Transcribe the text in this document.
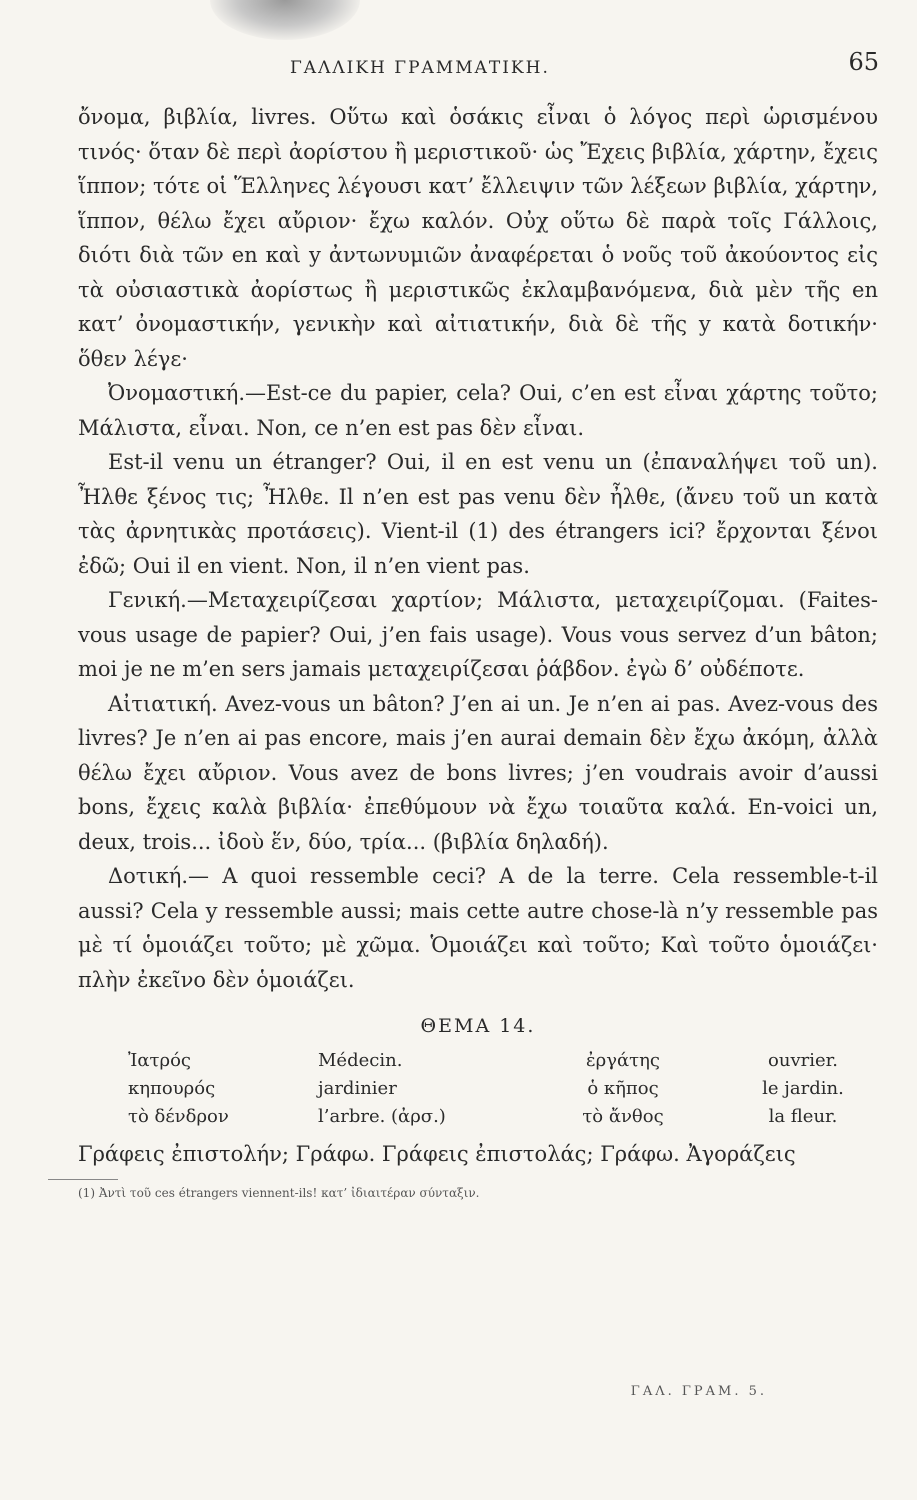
ΓΑΛΛΙΚΗ ΓΡΑΜΜΑΤΙΚΗ.	65

ὄνομα, βιβλία, livres. Οὕτω καὶ ὁσάκις εἶναι ὁ λόγος περὶ ὡρισμένου τινός· ὅταν δὲ περὶ ἀορίστου ἢ μεριστικοῦ· ὡς Ἔχεις βιβλία, χάρτην, ἔχεις ἵππον; τότε οἱ Ἕλληνες λέγουσι κατ’ ἔλλειψιν τῶν λέξεων βιβλία, χάρτην, ἵππον, θέλω ἔχει αὔριον· ἔχω καλόν. Οὐχ οὕτω δὲ παρὰ τοῖς Γάλλοις, διότι διὰ τῶν en καὶ y ἀντωνυμιῶν ἀναφέρεται ὁ νοῦς τοῦ ἀκούοντος εἰς τὰ οὐσιαστικὰ ἀορίστως ἢ μεριστικῶς ἐκλαμβανόμενα, διὰ μὲν τῆς en κατ’ ὀνομαστικήν, γενικὴν καὶ αἰτιατικήν, διὰ δὲ τῆς y κατὰ δοτικήν· ὅθεν λέγε·

Ὀνομαστική.—Est-ce du papier, cela? Oui, c’en est εἶναι χάρτης τοῦτο; Μάλιστα, εἶναι. Non, ce n’en est pas δὲν εἶναι.

Est-il venu un étranger? Oui, il en est venu un (ἐπαναλήψει τοῦ un). Ἦλθε ξένος τις; Ἦλθε. Il n’en est pas venu δὲν ἦλθε, (ἄνευ τοῦ un κατὰ τὰς ἀρνητικὰς προτάσεις). Vient-il (1) des étrangers ici? ἔρχονται ξένοι ἐδῶ; Oui il en vient. Non, il n’en vient pas.

Γενική.—Μεταχειρίζεσαι χαρτίον; Μάλιστα, μεταχειρίζομαι. (Faites-vous usage de papier? Oui, j’en fais usage). Vous vous servez d’un bâton; moi je ne m’en sers jamais μεταχειρίζεσαι ῥάβδον. ἐγὼ δ’ οὐδέποτε.

Αἰτιατική. Avez-vous un bâton? J’en ai un. Je n’en ai pas. Avez-vous des livres? Je n’en ai pas encore, mais j’en aurai demain δὲν ἔχω ἀκόμη, ἀλλὰ θέλω ἔχει αὔριον. Vous avez de bons livres; j’en voudrais avoir d’aussi bons, ἔχεις καλὰ βιβλία· ἐπεθύμουν νὰ ἔχω τοιαῦτα καλά. En-voici un, deux, trois... ἰδοὺ ἕν, δύο, τρία... (βιβλία δηλαδή).

Δοτική.— A quoi ressemble ceci? A de la terre. Cela ressemble-t-il aussi? Cela y ressemble aussi; mais cette autre chose-là n’y ressemble pas μὲ τί ὁμοιάζει τοῦτο; μὲ χῶμα. Ὁμοιάζει καὶ τοῦτο; Καὶ τοῦτο ὁμοιάζει· πλὴν ἐκεῖνο δὲν ὁμοιάζει.

ΘΕΜΑ 14.
Ἰατρός	Médecin.	ἐργάτης	ouvrier.
κηπουρός	jardinier	ὁ κῆπος	le jardin.
τὸ δένδρον	l’arbre. (ἀρσ.)	τὸ ἄνθος	la fleur.
Γράφεις ἐπιστολήν; Γράφω. Γράφεις ἐπιστολάς; Γράφω. Ἀγοράζεις
(1) Ἀντὶ τοῦ ces étrangers viennent-ils! κατ’ ἰδιαιτέραν σύνταξιν.
ΓΑΛ. ΓΡΑΜ. 5.
